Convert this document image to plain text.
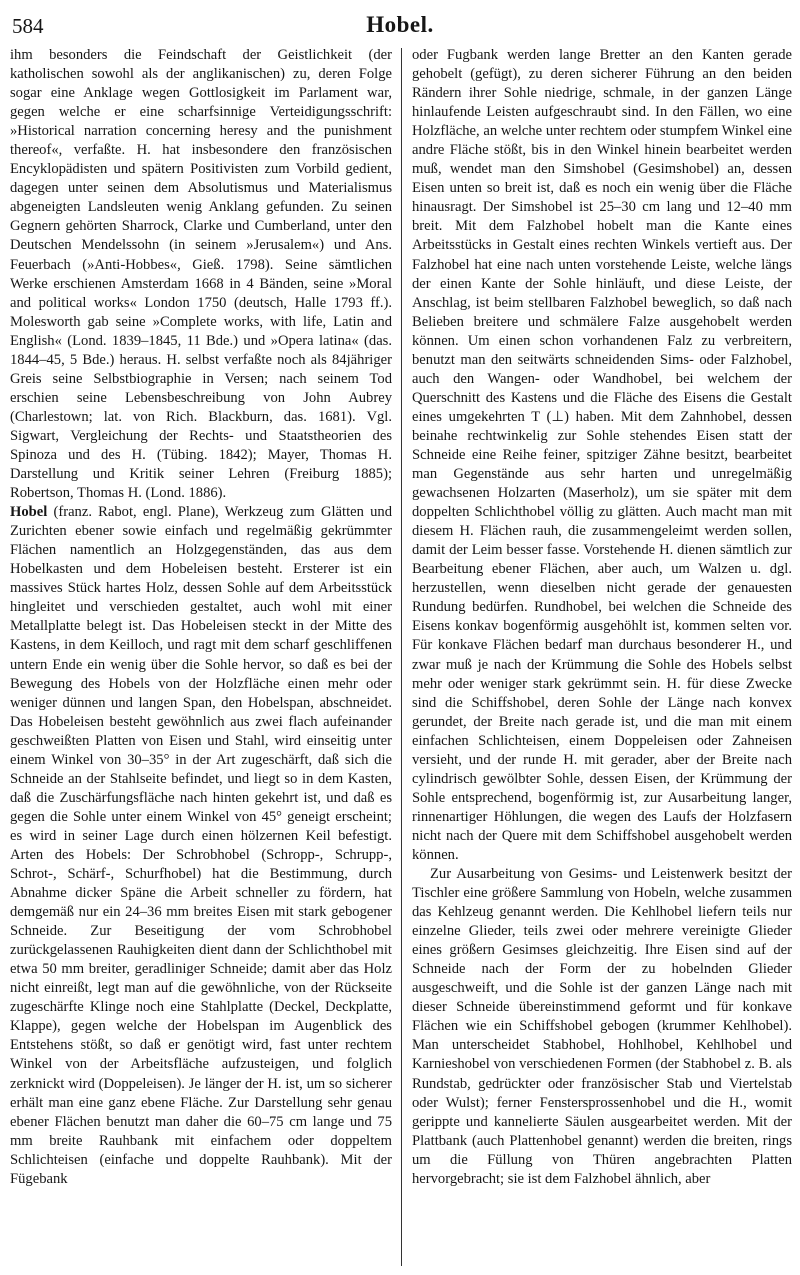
584	Hobel.

ihm besonders die Feindschaft der Geistlichkeit (der katholischen sowohl als der anglikanischen) zu, deren Folge sogar eine Anklage wegen Gottlosigkeit im Parlament war, gegen welche er eine scharfsinnige Verteidigungsschrift: »Historical narration concerning heresy and the punishment thereof«, verfaßte. H. hat insbesondere den französischen Encyklopädisten und spätern Positivisten zum Vorbild gedient, dagegen unter seinen dem Absolutismus und Materialismus abgeneigten Landsleuten wenig Anklang gefunden. Zu seinen Gegnern gehörten Sharrock, Clarke und Cumberland, unter den Deutschen Mendelssohn (in seinem »Jerusalem«) und Ans. Feuerbach (»Anti-Hobbes«, Gieß. 1798). Seine sämtlichen Werke erschienen Amsterdam 1668 in 4 Bänden, seine »Moral and political works« London 1750 (deutsch, Halle 1793 ff.). Molesworth gab seine »Complete works, with life, Latin and English« (Lond. 1839–1845, 11 Bde.) und »Opera latina« (das. 1844–45, 5 Bde.) heraus. H. selbst verfaßte noch als 84jähriger Greis seine Selbstbiographie in Versen; nach seinem Tod erschien seine Lebensbeschreibung von John Aubrey (Charlestown; lat. von Rich. Blackburn, das. 1681). Vgl. Sigwart, Vergleichung der Rechts- und Staatstheorien des Spinoza und des H. (Tübing. 1842); Mayer, Thomas H. Darstellung und Kritik seiner Lehren (Freiburg 1885); Robertson, Thomas H. (Lond. 1886).

Hobel (franz. Rabot, engl. Plane), Werkzeug zum Glätten und Zurichten ebener sowie einfach und regelmäßig gekrümmter Flächen namentlich an Holzgegenständen, das aus dem Hobelkasten und dem Hobeleisen besteht. Ersterer ist ein massives Stück hartes Holz, dessen Sohle auf dem Arbeitsstück hingleitet und verschieden gestaltet, auch wohl mit einer Metallplatte belegt ist. Das Hobeleisen steckt in der Mitte des Kastens, in dem Keilloch, und ragt mit dem scharf geschliffenen untern Ende ein wenig über die Sohle hervor, so daß es bei der Bewegung des Hobels von der Holzfläche einen mehr oder weniger dünnen und langen Span, den Hobelspan, abschneidet. Das Hobeleisen besteht gewöhnlich aus zwei flach aufeinander geschweißten Platten von Eisen und Stahl, wird einseitig unter einem Winkel von 30–35° in der Art zugeschärft, daß sich die Schneide an der Stahlseite befindet, und liegt so in dem Kasten, daß die Zuschärfungsfläche nach hinten gekehrt ist, und daß es gegen die Sohle unter einem Winkel von 45° geneigt erscheint; es wird in seiner Lage durch einen hölzernen Keil befestigt. Arten des Hobels: Der Schrobhobel (Schropp-, Schrupp-, Schrot-, Schärf-, Schurfhobel) hat die Bestimmung, durch Abnahme dicker Späne die Arbeit schneller zu fördern, hat demgemäß nur ein 24–36 mm breites Eisen mit stark gebogener Schneide. Zur Beseitigung der vom Schrobhobel zurückgelassenen Rauhigkeiten dient dann der Schlichthobel mit etwa 50 mm breiter, geradliniger Schneide; damit aber das Holz nicht einreißt, legt man auf die gewöhnliche, von der Rückseite zugeschärfte Klinge noch eine Stahlplatte (Deckel, Deckplatte, Klappe), gegen welche der Hobelspan im Augenblick des Entstehens stößt, so daß er genötigt wird, fast unter rechtem Winkel von der Arbeitsfläche aufzusteigen, und folglich zerknickt wird (Doppeleisen). Je länger der H. ist, um so sicherer erhält man eine ganz ebene Fläche. Zur Darstellung sehr genau ebener Flächen benutzt man daher die 60–75 cm lange und 75 mm breite Rauhbank mit einfachem oder doppeltem Schlichteisen (einfache und doppelte Rauhbank). Mit der Fügebank

oder Fugbank werden lange Bretter an den Kanten gerade gehobelt (gefügt), zu deren sicherer Führung an den beiden Rändern ihrer Sohle niedrige, schmale, in der ganzen Länge hinlaufende Leisten aufgeschraubt sind. In den Fällen, wo eine Holzfläche, an welche unter rechtem oder stumpfem Winkel eine andre Fläche stößt, bis in den Winkel hinein bearbeitet werden muß, wendet man den Simshobel (Gesimshobel) an, dessen Eisen unten so breit ist, daß es noch ein wenig über die Fläche hinausragt. Der Simshobel ist 25–30 cm lang und 12–40 mm breit. Mit dem Falzhobel hobelt man die Kante eines Arbeitsstücks in Gestalt eines rechten Winkels vertieft aus. Der Falzhobel hat eine nach unten vorstehende Leiste, welche längs der einen Kante der Sohle hinläuft, und diese Leiste, der Anschlag, ist beim stellbaren Falzhobel beweglich, so daß nach Belieben breitere und schmälere Falze ausgehobelt werden können. Um einen schon vorhandenen Falz zu verbreitern, benutzt man den seitwärts schneidenden Sims- oder Falzhobel, auch den Wangen- oder Wandhobel, bei welchem der Querschnitt des Kastens und die Fläche des Eisens die Gestalt eines umgekehrten T (⊥) haben. Mit dem Zahnhobel, dessen beinahe rechtwinkelig zur Sohle stehendes Eisen statt der Schneide eine Reihe feiner, spitziger Zähne besitzt, bearbeitet man Gegenstände aus sehr harten und unregelmäßig gewachsenen Holzarten (Maserholz), um sie später mit dem doppelten Schlichthobel völlig zu glätten. Auch macht man mit diesem H. Flächen rauh, die zusammengeleimt werden sollen, damit der Leim besser fasse. Vorstehende H. dienen sämtlich zur Bearbeitung ebener Flächen, aber auch, um Walzen u. dgl. herzustellen, wenn dieselben nicht gerade der genauesten Rundung bedürfen. Rundhobel, bei welchen die Schneide des Eisens konkav bogenförmig ausgehöhlt ist, kommen selten vor. Für konkave Flächen bedarf man durchaus besonderer H., und zwar muß je nach der Krümmung die Sohle des Hobels selbst mehr oder weniger stark gekrümmt sein. H. für diese Zwecke sind die Schiffshobel, deren Sohle der Länge nach konvex gerundet, der Breite nach gerade ist, und die man mit einem einfachen Schlichteisen, einem Doppeleisen oder Zahneisen versieht, und der runde H. mit gerader, aber der Breite nach cylindrisch gewölbter Sohle, dessen Eisen, der Krümmung der Sohle entsprechend, bogenförmig ist, zur Ausarbeitung langer, rinnenartiger Höhlungen, die wegen des Laufs der Holzfasern nicht nach der Quere mit dem Schiffshobel ausgehobelt werden können.

Zur Ausarbeitung von Gesims- und Leistenwerk besitzt der Tischler eine größere Sammlung von Hobeln, welche zusammen das Kehlzeug genannt werden. Die Kehlhobel liefern teils nur einzelne Glieder, teils zwei oder mehrere vereinigte Glieder eines größern Gesimses gleichzeitig. Ihre Eisen sind auf der Schneide nach der Form der zu hobelnden Glieder ausgeschweift, und die Sohle ist der ganzen Länge nach mit dieser Schneide übereinstimmend geformt und für konkave Flächen wie ein Schiffshobel gebogen (krummer Kehlhobel). Man unterscheidet Stabhobel, Hohlhobel, Kehlhobel und Karnieshobel von verschiedenen Formen (der Stabhobel z. B. als Rundstab, gedrückter oder französischer Stab und Viertelstab oder Wulst); ferner Fenstersprossenhobel und die H., womit gerippte und kannelierte Säulen ausgearbeitet werden. Mit der Plattbank (auch Plattenhobel genannt) werden die breiten, rings um die Füllung von Thüren angebrachten Platten hervorgebracht; sie ist dem Falzhobel ähnlich, aber
